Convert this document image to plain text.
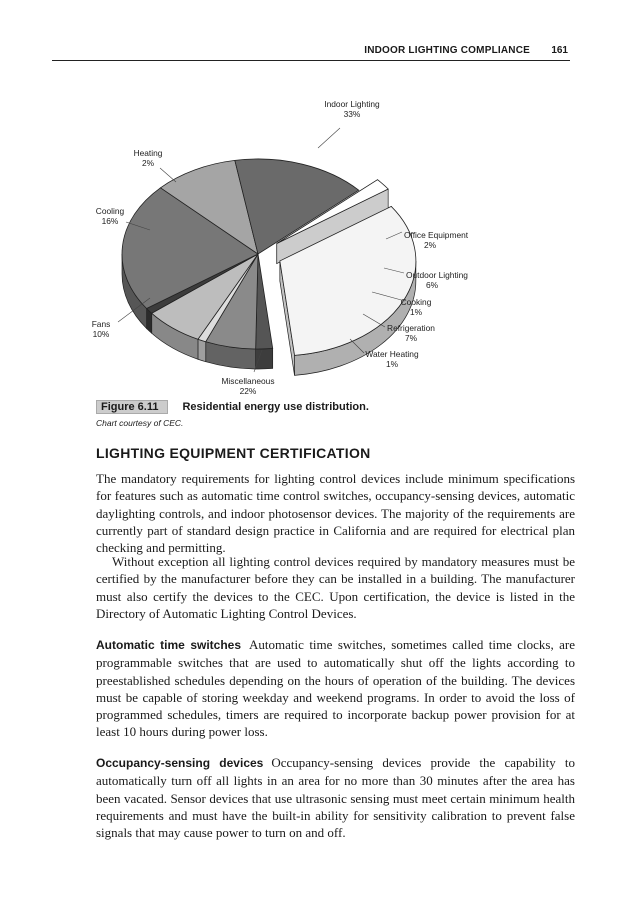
INDOOR LIGHTING COMPLIANCE 161
Indoor Lighting
33%
Office Equipment
2%
Outdoor Lighting
6%
Cooking
1%
Refrigeration
7%
Water Heating
1%
Miscellaneous
22%
Fans
10%
Cooling
16%
Heating
2%
Figure 6.11 Residential energy use distribution.
Chart courtesy of CEC.
LIGHTING EQUIPMENT CERTIFICATION

The mandatory requirements for lighting control devices include minimum specifications for features such as automatic time control switches, occupancy-sensing devices, automatic daylighting controls, and indoor photosensor devices. The majority of the requirements are currently part of standard design practice in California and are required for electrical plan checking and permitting.

Without exception all lighting control devices required by mandatory measures must be certified by the manufacturer before they can be installed in a building. The manufacturer must also certify the devices to the CEC. Upon certification, the device is listed in the Directory of Automatic Lighting Control Devices.

Automatic time switches Automatic time switches, sometimes called time clocks, are programmable switches that are used to automatically shut off the lights according to preestablished schedules depending on the hours of operation of the building. The devices must be capable of storing weekday and weekend programs. In order to avoid the loss of programmed schedules, timers are required to incorporate backup power provision for at least 10 hours during power loss.

Occupancy-sensing devices Occupancy-sensing devices provide the capability to automatically turn off all lights in an area for no more than 30 minutes after the area has been vacated. Sensor devices that use ultrasonic sensing must meet certain minimum health requirements and must have the built-in ability for sensitivity calibration to prevent false signals that may cause power to turn on and off.
